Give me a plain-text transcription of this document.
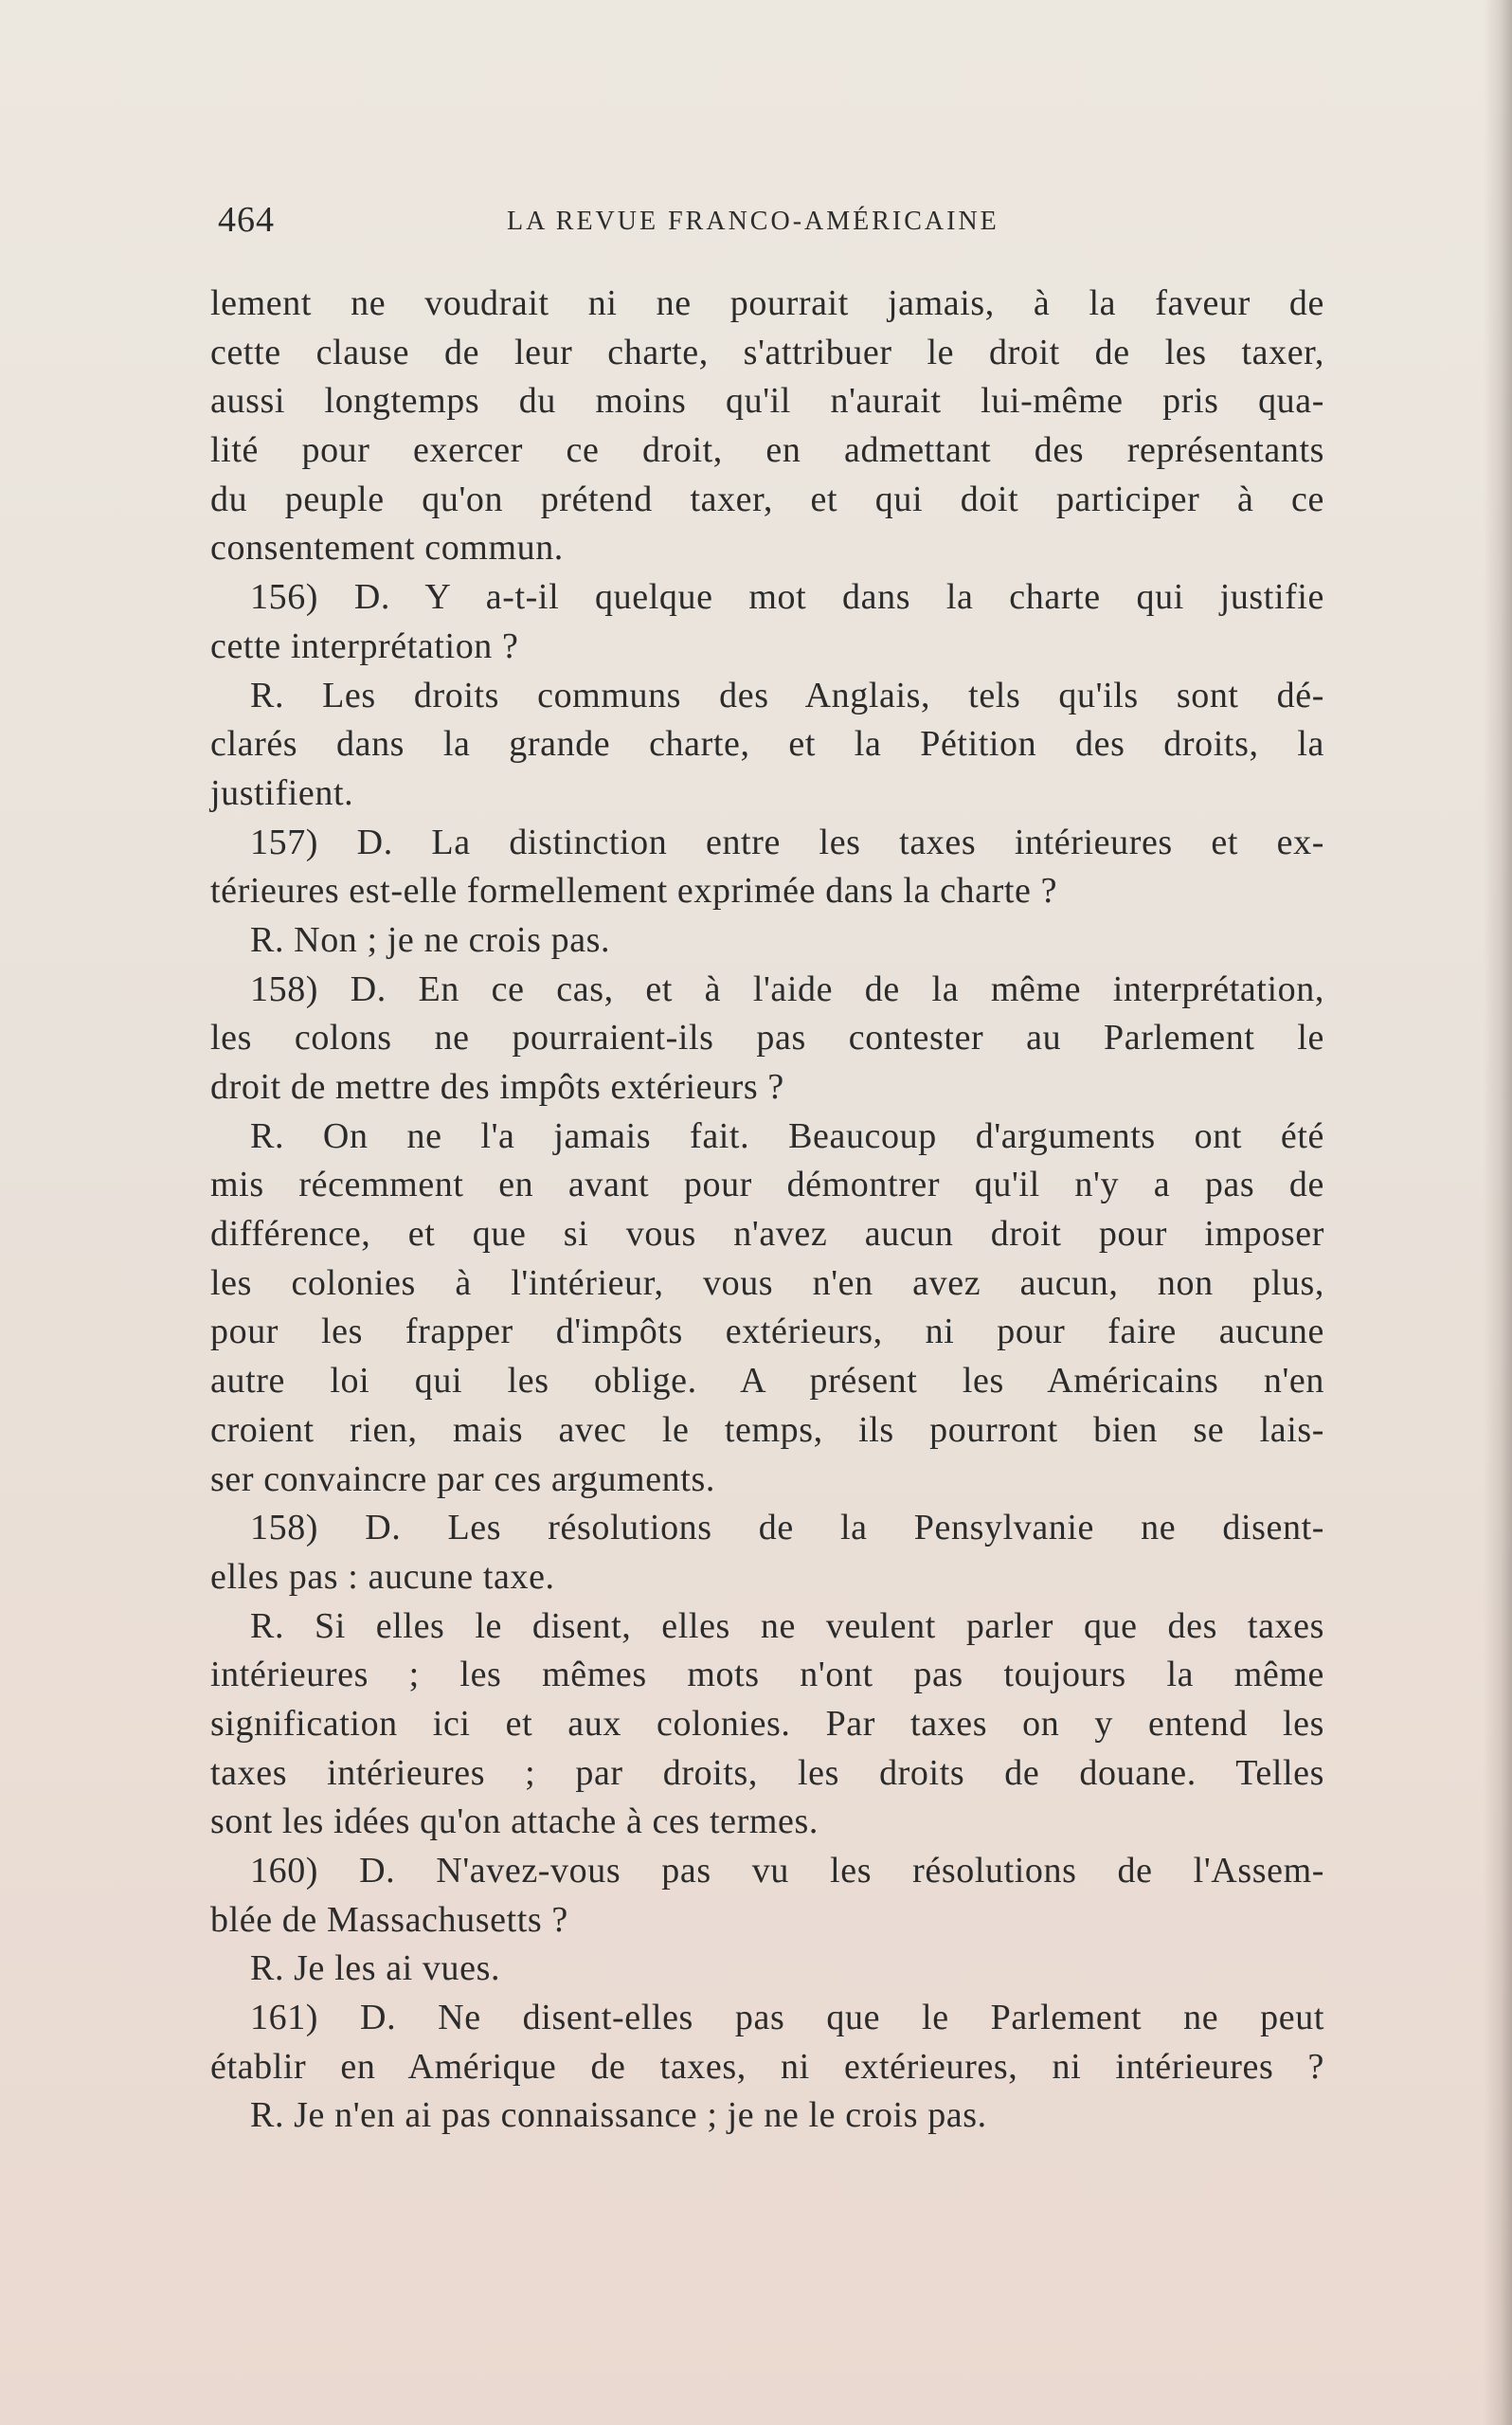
464	LA REVUE FRANCO-AMÉRICAINE
lement ne voudrait ni ne pourrait jamais, à la faveur de
cette clause de leur charte, s'attribuer le droit de les taxer,
aussi longtemps du moins qu'il n'aurait lui-même pris qua-
lité pour exercer ce droit, en admettant des représentants
du peuple qu'on prétend taxer, et qui doit participer à ce
consentement commun.
156) D. Y a-t-il quelque mot dans la charte qui justifie
cette interprétation ?
R. Les droits communs des Anglais, tels qu'ils sont dé-
clarés dans la grande charte, et la Pétition des droits, la
justifient.
157) D. La distinction entre les taxes intérieures et ex-
térieures est-elle formellement exprimée dans la charte ?
R. Non ; je ne crois pas.
158) D. En ce cas, et à l'aide de la même interprétation,
les colons ne pourraient-ils pas contester au Parlement le
droit de mettre des impôts extérieurs ?
R. On ne l'a jamais fait. Beaucoup d'arguments ont été
mis récemment en avant pour démontrer qu'il n'y a pas de
différence, et que si vous n'avez aucun droit pour imposer
les colonies à l'intérieur, vous n'en avez aucun, non plus,
pour les frapper d'impôts extérieurs, ni pour faire aucune
autre loi qui les oblige. A présent les Américains n'en
croient rien, mais avec le temps, ils pourront bien se lais-
ser convaincre par ces arguments.
158) D. Les résolutions de la Pensylvanie ne disent-
elles pas : aucune taxe.
R. Si elles le disent, elles ne veulent parler que des taxes
intérieures ; les mêmes mots n'ont pas toujours la même
signification ici et aux colonies. Par taxes on y entend les
taxes intérieures ; par droits, les droits de douane. Telles
sont les idées qu'on attache à ces termes.
160) D. N'avez-vous pas vu les résolutions de l'Assem-
blée de Massachusetts ?
R. Je les ai vues.
161) D. Ne disent-elles pas que le Parlement ne peut
établir en Amérique de taxes, ni extérieures, ni intérieures ?
R. Je n'en ai pas connaissance ; je ne le crois pas.
